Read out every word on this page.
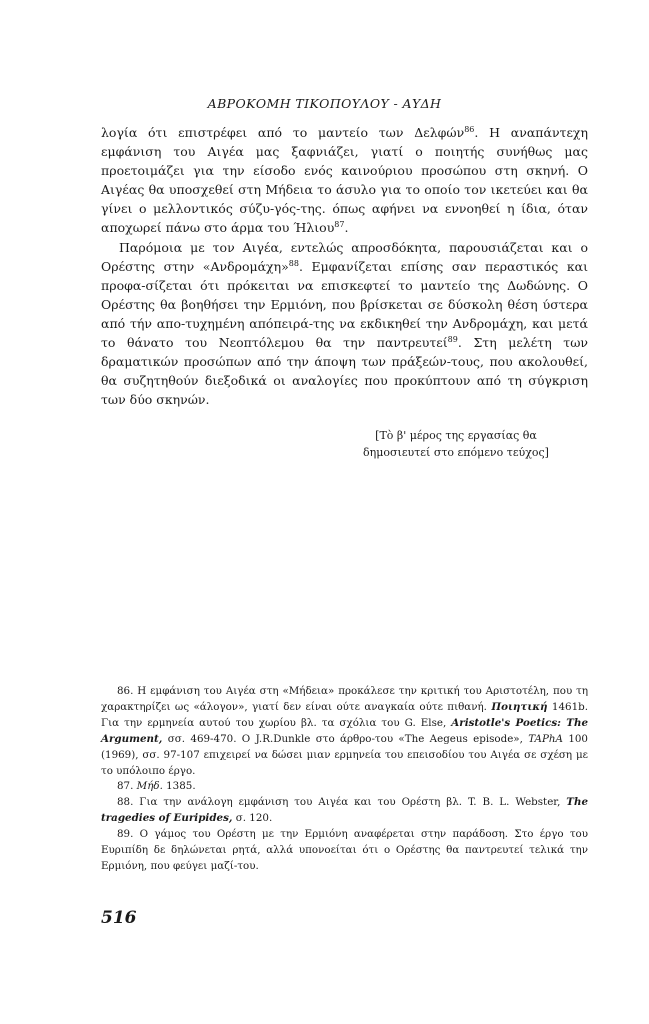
ΑΒΡΟΚΟΜΗ ΤΙΚΟΠΟΥΛΟΥ - ΑΥΔΗ

λογία ότι επιστρέφει από το μαντείο των Δελφών$^{86}$. Η αναπάντεχη εμφάνιση του Αιγέα μας ξαφνιάζει, γιατί ο ποιητής συνήθως μας προετοιμάζει για την είσοδο ενός καινούριου προσώπου στη σκηνή. Ο Αιγέας θα υποσχεθεί στη Μήδεια το άσυλο για το οποίο τον ικετεύει και θα γίνει ο μελλοντικός σύζυ-γός-της. όπως αφήνει να εννοηθεί η ίδια, όταν αποχωρεί πάνω στο άρμα του Ήλιου$^{87}$.

Παρόμοια με τον Αιγέα, εντελώς απροσδόκητα, παρουσιάζεται και ο Ορέστης στην «Ανδρομάχη»$^{88}$. Εμφανίζεται επίσης σαν περαστικός και προφα-σίζεται ότι πρόκειται να επισκεφτεί το μαντείο της Δωδώνης. Ο Ορέστης θα βοηθήσει την Ερμιόνη, που βρίσκεται σε δύσκολη θέση ύστερα από τήν απο-τυχημένη απόπειρά-της να εκδικηθεί την Ανδρομάχη, και μετά το θάνατο του Νεοπτόλεμου θα την παντρευτεί$^{89}$. Στη μελέτη των δραματικών προσώπων από την άποψη των πράξεών-τους, που ακολουθεί, θα συζητηθούν διεξοδικά οι αναλογίες που προκύπτουν από τη σύγκριση των δύο σκηνών.

[Τὸ β' μέρος της εργασίας θα
δημοσιευτεί στο επόμενο τεύχος]

86. Η εμφάνιση του Αιγέα στη «Μήδεια» προκάλεσε την κριτική του Αριστοτέλη, που τη χαρακτηρίζει ως «άλογον», γιατί δεν είναι ούτε αναγκαία ούτε πιθανή. Ποιητική 1461b. Για την ερμηνεία αυτού του χωρίου βλ. τα σχόλια του G. Else, Aristotle's Poetics: The Argument, σσ. 469-470. Ο J.R.Dunkle στο άρθρο-του «The Aegeus episode», TAPhA 100 (1969), σσ. 97-107 επιχειρεί να δώσει μιαν ερμηνεία του επεισοδίου του Αιγέα σε σχέση με το υπόλοιπο έργο.

87. Μήδ. 1385.

88. Για την ανάλογη εμφάνιση του Αιγέα και του Ορέστη βλ. T. B. L. Webster, The tragedies of Euripides, σ. 120.

89. Ο γάμος του Ορέστη με την Ερμιόνη αναφέρεται στην παράδοση. Στο έργο του Ευριπίδη δε δηλώνεται ρητά, αλλά υπονοείται ότι ο Ορέστης θα παντρευτεί τελικά την Ερμιόνη, που φεύγει μαζί-του.

516
